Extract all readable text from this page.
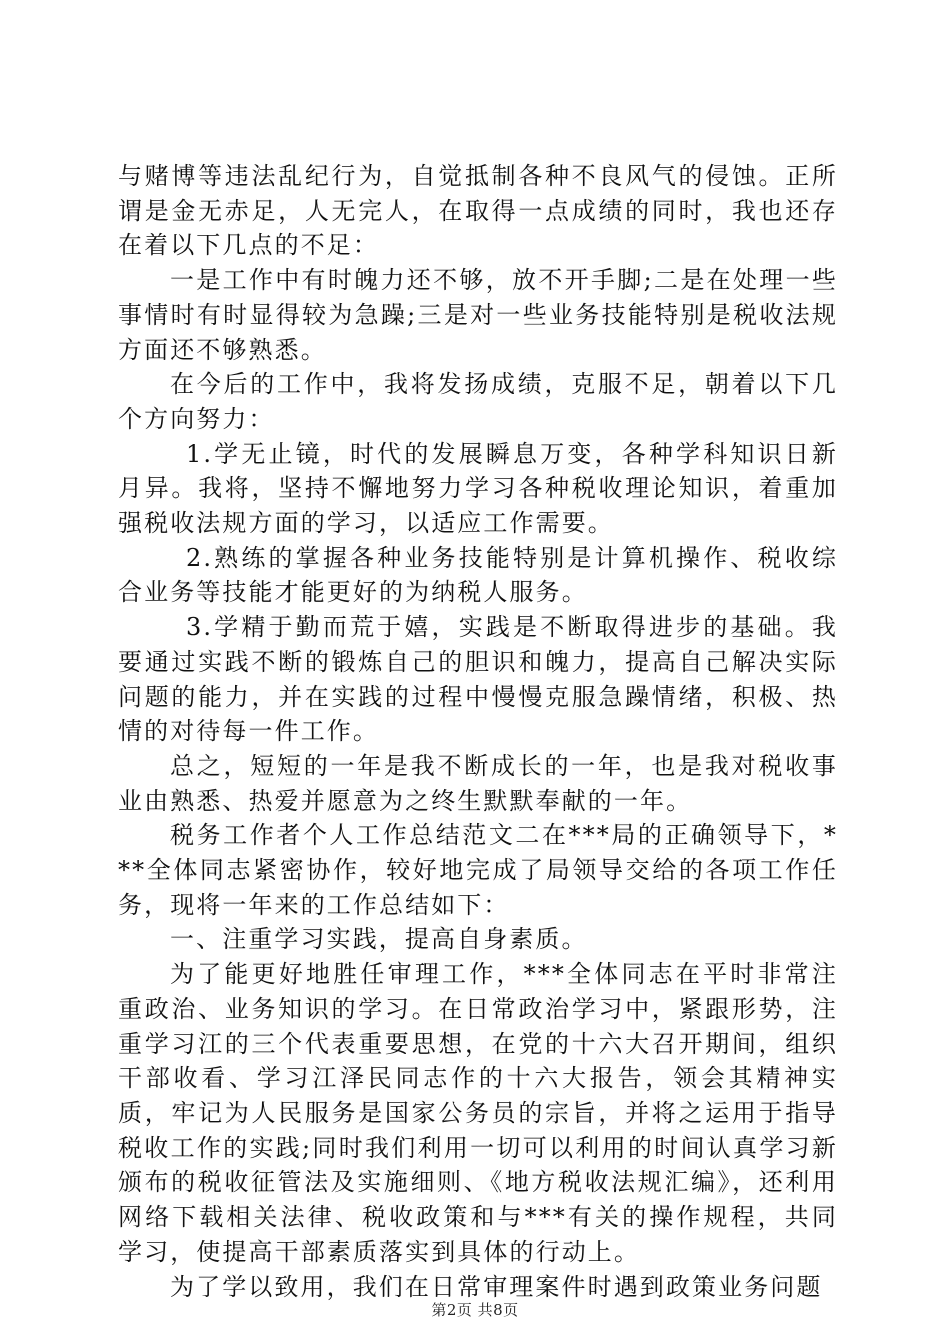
与赌博等违法乱纪行为，自觉抵制各种不良风气的侵蚀。正所谓是金无赤足，人无完人，在取得一点成绩的同时，我也还存在着以下几点的不足：

一是工作中有时魄力还不够，放不开手脚;二是在处理一些事情时有时显得较为急躁;三是对一些业务技能特别是税收法规方面还不够熟悉。

在今后的工作中，我将发扬成绩，克服不足，朝着以下几个方向努力：

1.学无止镜，时代的发展瞬息万变，各种学科知识日新月异。我将，坚持不懈地努力学习各种税收理论知识，着重加强税收法规方面的学习，以适应工作需要。

2.熟练的掌握各种业务技能特别是计算机操作、税收综合业务等技能才能更好的为纳税人服务。

3.学精于勤而荒于嬉，实践是不断取得进步的基础。我要通过实践不断的锻炼自己的胆识和魄力，提高自己解决实际问题的能力，并在实践的过程中慢慢克服急躁情绪，积极、热情的对待每一件工作。

总之，短短的一年是我不断成长的一年，也是我对税收事业由熟悉、热爱并愿意为之终生默默奉献的一年。

税务工作者个人工作总结范文二在***局的正确领导下，***全体同志紧密协作，较好地完成了局领导交给的各项工作任务，现将一年来的工作总结如下：

一、注重学习实践，提高自身素质。

为了能更好地胜任审理工作，***全体同志在平时非常注重政治、业务知识的学习。在日常政治学习中，紧跟形势，注重学习江的三个代表重要思想，在党的十六大召开期间，组织干部收看、学习江泽民同志作的十六大报告，领会其精神实质，牢记为人民服务是国家公务员的宗旨，并将之运用于指导税收工作的实践;同时我们利用一切可以利用的时间认真学习新颁布的税收征管法及实施细则、《地方税收法规汇编》，还利用网络下载相关法律、税收政策和与***有关的操作规程，共同学习，使提高干部素质落实到具体的行动上。

为了学以致用，我们在日常审理案件时遇到政策业务问题

第2页 共8页
